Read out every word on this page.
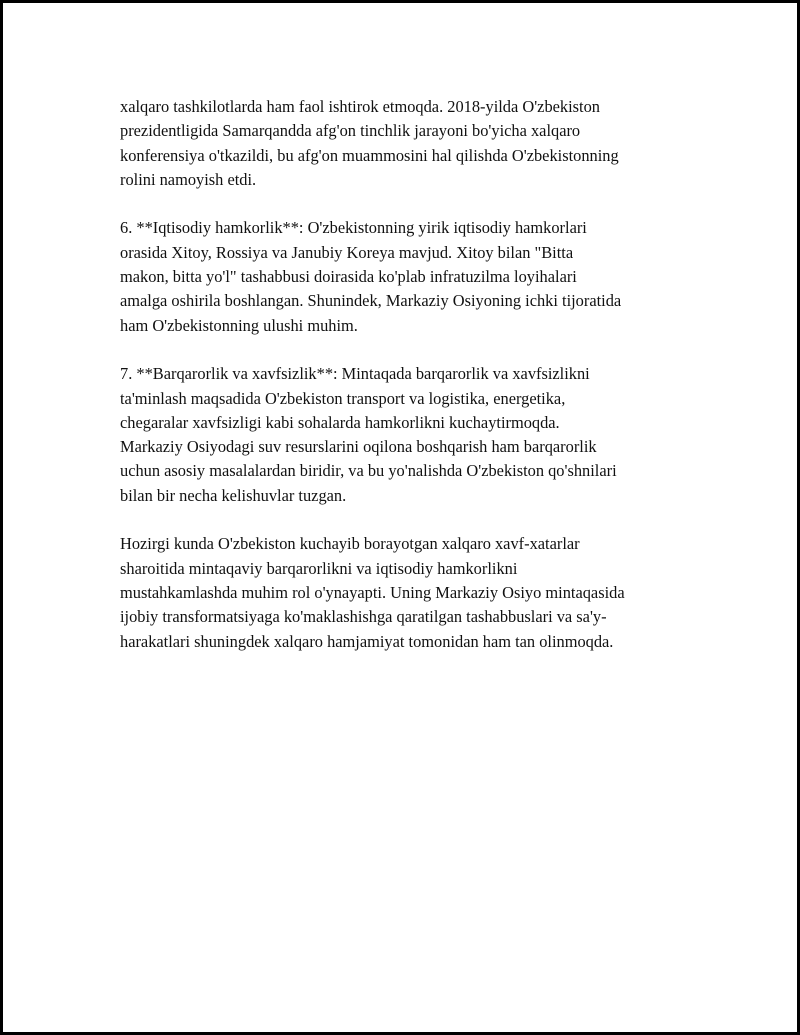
xalqaro tashkilotlarda ham faol ishtirok etmoqda. 2018-yilda O'zbekiston
prezidentligida Samarqandda afg'on tinchlik jarayoni bo'yicha xalqaro
konferensiya o'tkazildi, bu afg'on muammosini hal qilishda O'zbekistonning
rolini namoyish etdi.

6. **Iqtisodiy hamkorlik**: O'zbekistonning yirik iqtisodiy hamkorlari
orasida Xitoy, Rossiya va Janubiy Koreya mavjud. Xitoy bilan "Bitta
makon, bitta yo'l" tashabbusi doirasida ko'plab infratuzilma loyihalari
amalga oshirila boshlangan. Shunindek, Markaziy Osiyoning ichki tijoratida
ham O'zbekistonning ulushi muhim.

7. **Barqarorlik va xavfsizlik**: Mintaqada barqarorlik va xavfsizlikni
ta'minlash maqsadida O'zbekiston transport va logistika, energetika,
chegaralar xavfsizligi kabi sohalarda hamkorlikni kuchaytirmoqda.
Markaziy Osiyodagi suv resurslarini oqilona boshqarish ham barqarorlik
uchun asosiy masalalardan biridir, va bu yo'nalishda O'zbekiston qo'shnilari
bilan bir necha kelishuvlar tuzgan.

Hozirgi kunda O'zbekiston kuchayib borayotgan xalqaro xavf-xatarlar
sharoitida mintaqaviy barqarorlikni va iqtisodiy hamkorlikni
mustahkamlashda muhim rol o'ynayapti. Uning Markaziy Osiyo mintaqasida
ijobiy transformatsiyaga ko'maklashishga qaratilgan tashabbuslari va sa'y-
harakatlari shuningdek xalqaro hamjamiyat tomonidan ham tan olinmoqda.
